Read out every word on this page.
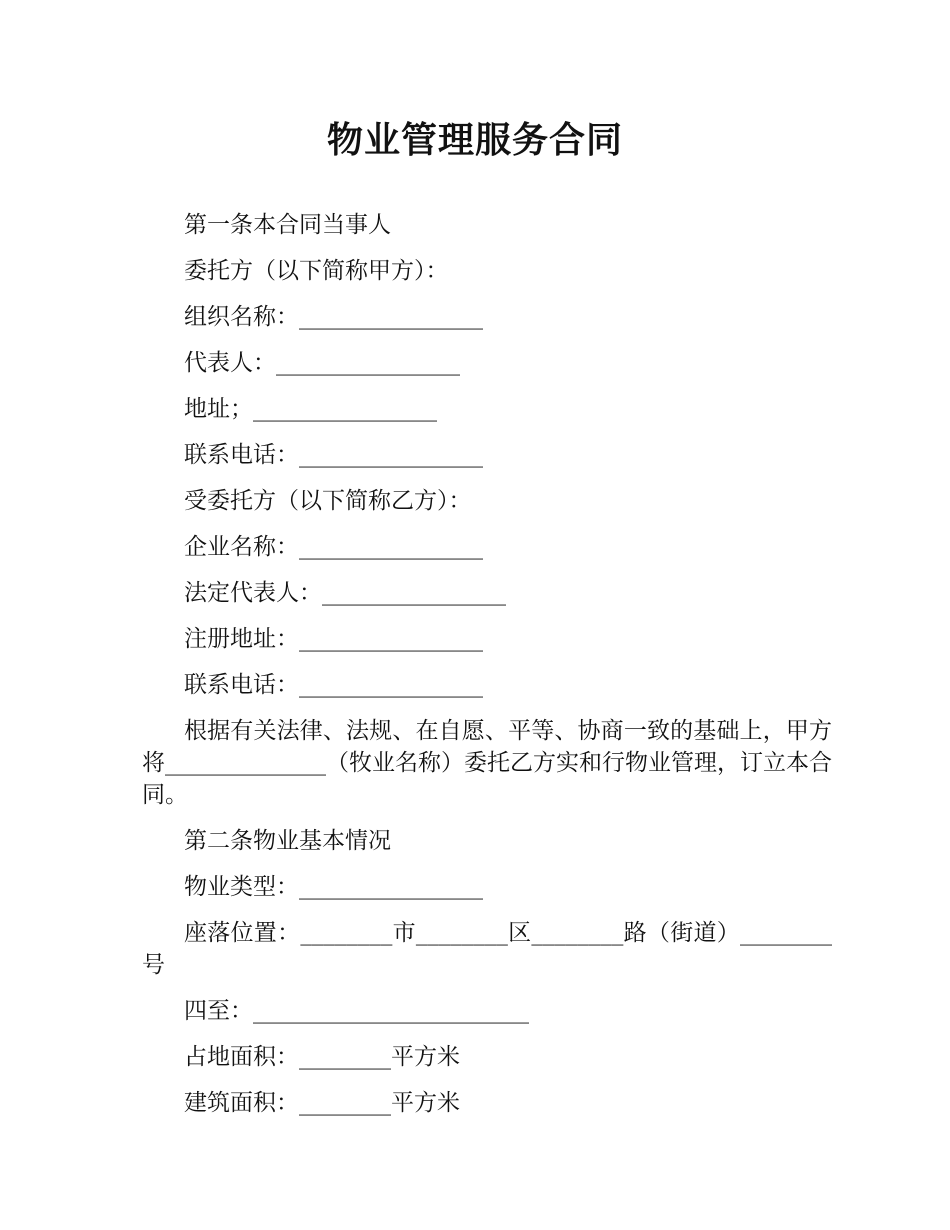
物业管理服务合同

第一条本合同当事人

委托方（以下简称甲方）：

组织名称：________________

代表人：________________

地址；________________

联系电话：________________

受委托方（以下简称乙方）：

企业名称：________________

法定代表人：________________

注册地址：________________

联系电话：________________

根据有关法律、法规、在自愿、平等、协商一致的基础上，甲方将______________（牧业名称）委托乙方实和行物业管理，订立本合同。

第二条物业基本情况

物业类型：________________

座落位置：________市________区________路（街道）________号

四至：________________________

占地面积：________平方米

建筑面积：________平方米
